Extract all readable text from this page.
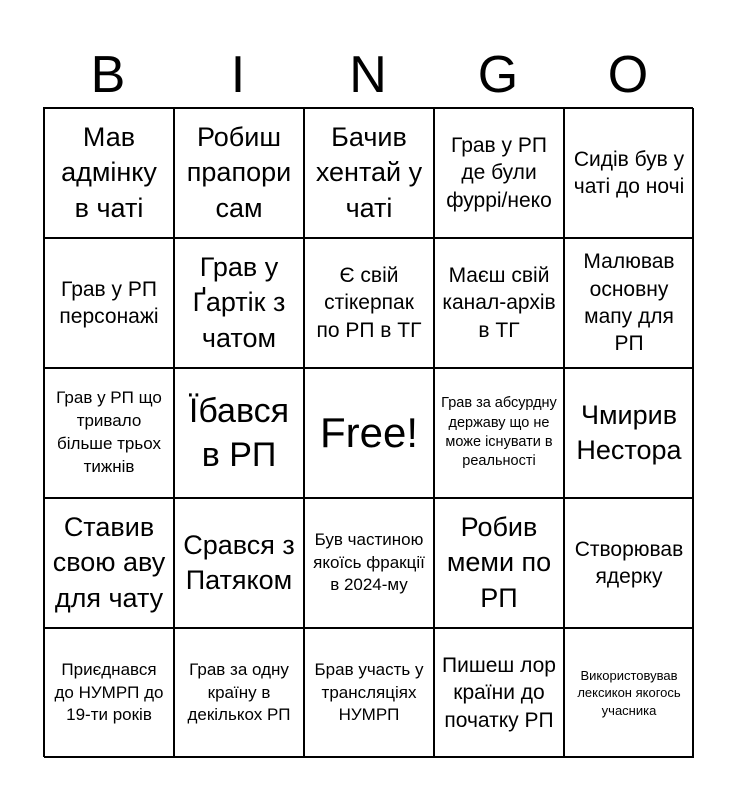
B	I	N	G	O
Мав адмінку в чаті
Робиш прапори сам
Бачив хентай у чаті
Грав у РП де були фуррі/неко
Сидів був у чаті до ночі
Грав у РП персонажі
Грав у Ґартік з чатом
Є свій стікерпак по РП в ТГ
Маєш свій канал-архів в ТГ
Малював основну мапу для РП
Грав у РП що тривало більше трьох тижнів
Їбався в РП	Free!
Грав за абсурдну державу що не може існувати в реальності
Чмирив Нестора
Ставив свою аву для чату
Срався з Патяком
Був частиною якоїсь фракції в 2024-му
Робив меми по РП
Створював ядерку
Приєднався до НУМРП до 19-ти років
Грав за одну країну в декількох РП
Брав участь у трансляціях НУМРП
Пишеш лор країни до початку РП
Використовував лексикон якогось учасника
